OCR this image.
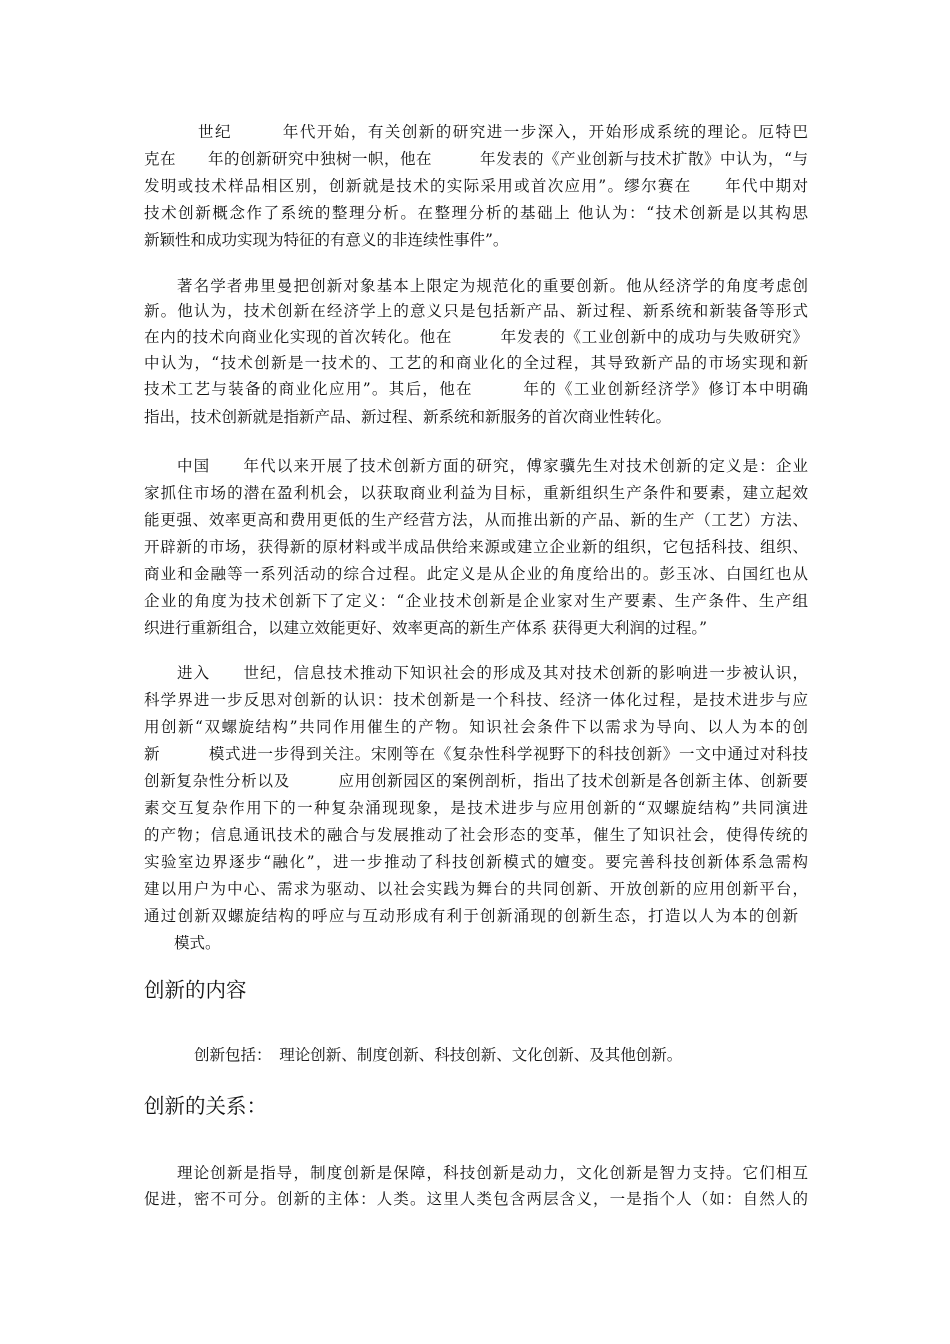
世纪　　　年代开始，有关创新的研究进一步深入，开始形成系统的理论。厄特巴
克在　　年的创新研究中独树一帜，他在　　　年发表的《产业创新与技术扩散》中认为，“与
发明或技术样品相区别，创新就是技术的实际采用或首次应用”。缪尔赛在　　年代中期对
技术创新概念作了系统的整理分析。在整理分析的基础上 他认为：“技术创新是以其构思
新颖性和成功实现为特征的有意义的非连续性事件”。
著名学者弗里曼把创新对象基本上限定为规范化的重要创新。他从经济学的角度考虑创
新。他认为，技术创新在经济学上的意义只是包括新产品、新过程、新系统和新装备等形式
在内的技术向商业化实现的首次转化。他在　　　年发表的《工业创新中的成功与失败研究》
中认为，“技术创新是一技术的、工艺的和商业化的全过程，其导致新产品的市场实现和新
技术工艺与装备的商业化应用”。其后，他在　　　年的《工业创新经济学》修订本中明确
指出，技术创新就是指新产品、新过程、新系统和新服务的首次商业性转化。
中国　　年代以来开展了技术创新方面的研究，傅家骥先生对技术创新的定义是：企业
家抓住市场的潜在盈利机会，以获取商业利益为目标，重新组织生产条件和要素，建立起效
能更强、效率更高和费用更低的生产经营方法，从而推出新的产品、新的生产（工艺）方法、
开辟新的市场，获得新的原材料或半成品供给来源或建立企业新的组织，它包括科技、组织、
商业和金融等一系列活动的综合过程。此定义是从企业的角度给出的。彭玉冰、白国红也从
企业的角度为技术创新下了定义：“企业技术创新是企业家对生产要素、生产条件、生产组
织进行重新组合，以建立效能更好、效率更高的新生产体系 获得更大利润的过程。”
进入　　世纪，信息技术推动下知识社会的形成及其对技术创新的影响进一步被认识，
科学界进一步反思对创新的认识：技术创新是一个科技、经济一体化过程，是技术进步与应
用创新“双螺旋结构”共同作用催生的产物。知识社会条件下以需求为导向、以人为本的创
新　　　模式进一步得到关注。宋刚等在《复杂性科学视野下的科技创新》一文中通过对科技
创新复杂性分析以及　　　应用创新园区的案例剖析，指出了技术创新是各创新主体、创新要
素交互复杂作用下的一种复杂涌现现象，是技术进步与应用创新的“双螺旋结构”共同演进
的产物；信息通讯技术的融合与发展推动了社会形态的变革，催生了知识社会，使得传统的
实验室边界逐步“融化”，进一步推动了科技创新模式的嬗变。要完善科技创新体系急需构
建以用户为中心、需求为驱动、以社会实践为舞台的共同创新、开放创新的应用创新平台，
通过创新双螺旋结构的呼应与互动形成有利于创新涌现的创新生态，打造以人为本的创新
模式。
创新的内容
创新包括：　理论创新、制度创新、科技创新、文化创新、及其他创新。
创新的关系：
理论创新是指导，制度创新是保障，科技创新是动力，文化创新是智力支持。它们相互
促进，密不可分。创新的主体：人类。这里人类包含两层含义，一是指个人（如：自然人的
